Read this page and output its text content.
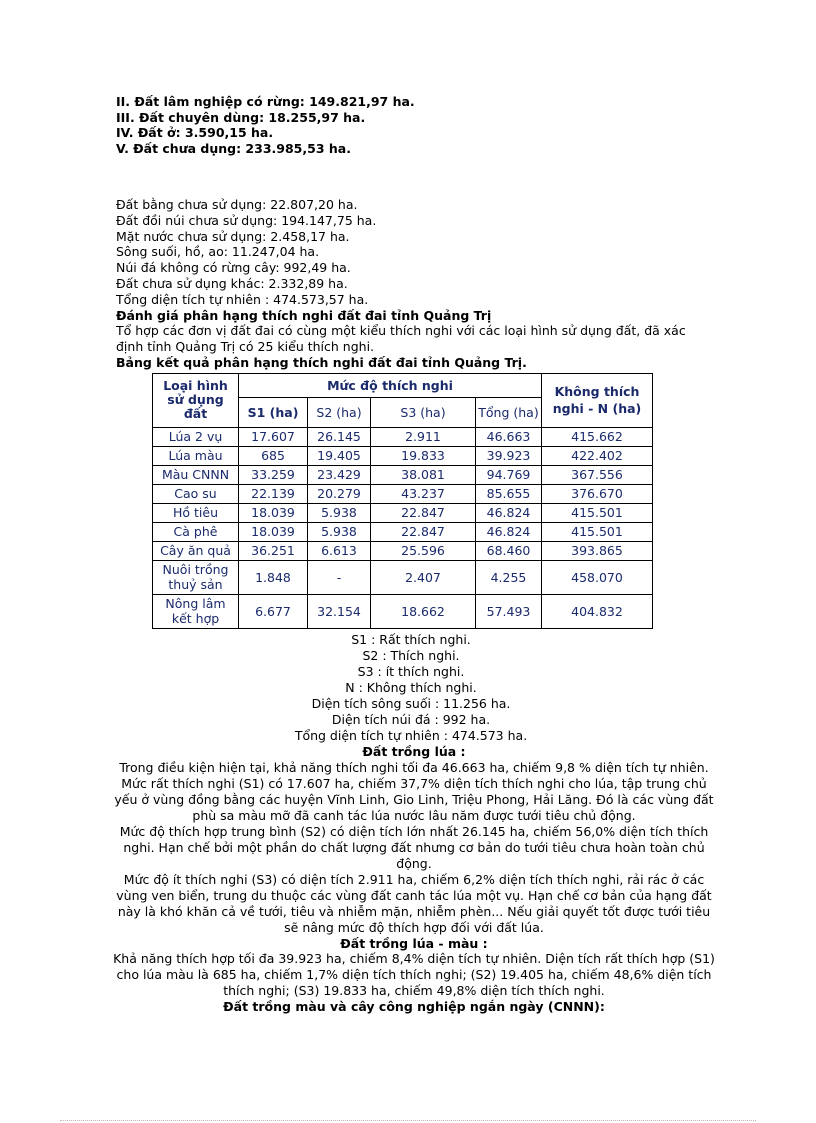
II. Đất lâm nghiệp có rừng: 149.821,97 ha.
III. Đất chuyên dùng: 18.255,97 ha.
IV. Đất ở: 3.590,15 ha.
V. Đất chưa dụng: 233.985,53 ha.
Đất bằng chưa sử dụng: 22.807,20 ha.
Đất đồi núi chưa sử dụng: 194.147,75 ha.
Mặt nước chưa sử dụng: 2.458,17 ha.
Sông suối, hồ, ao: 11.247,04 ha.
Núi đá không có rừng cây: 992,49 ha.
Đất chưa sử dụng khác: 2.332,89 ha.
Tổng diện tích tự nhiên : 474.573,57 ha.
Đánh giá phân hạng thích nghi đất đai tỉnh Quảng Trị
Tổ hợp các đơn vị đất đai có cùng một kiểu thích nghi với các loại hình sử dụng đất, đã xác định tỉnh Quảng Trị có 25 kiểu thích nghi.
Bảng kết quả phân hạng thích nghi đất đai tỉnh Quảng Trị.
Loại hình sử dụng đất	Mức độ thích nghi				Không thích nghi - N (ha)
	S1 (ha)	S2 (ha)	S3 (ha)	Tổng (ha)	
Lúa 2 vụ	17.607	26.145	2.911	46.663	415.662
Lúa màu	685	19.405	19.833	39.923	422.402
Màu CNNN	33.259	23.429	38.081	94.769	367.556
Cao su	22.139	20.279	43.237	85.655	376.670
Hồ tiêu	18.039	5.938	22.847	46.824	415.501
Cà phê	18.039	5.938	22.847	46.824	415.501
Cây ăn quả	36.251	6.613	25.596	68.460	393.865
Nuôi trồng thuỷ sản	1.848	-	2.407	4.255	458.070
Nông lâm kết hợp	6.677	32.154	18.662	57.493	404.832
S1 : Rất thích nghi.
S2 : Thích nghi.
S3 : ít thích nghi.
N : Không thích nghi.
Diện tích sông suối : 11.256 ha.
Diện tích núi đá : 992 ha.
Tổng diện tích tự nhiên : 474.573 ha.
Đất trồng lúa :
Trong điều kiện hiện tại, khả năng thích nghi tối đa 46.663 ha, chiếm 9,8 % diện tích tự nhiên. Mức rất thích nghi (S1) có 17.607 ha, chiếm 37,7% diện tích thích nghi cho lúa, tập trung chủ yếu ở vùng đồng bằng các huyện Vĩnh Linh, Gio Linh, Triệu Phong, Hải Lăng. Đó là các vùng đất phù sa màu mỡ đã canh tác lúa nước lâu năm được tưới tiêu chủ động.
Mức độ thích hợp trung bình (S2) có diện tích lớn nhất 26.145 ha, chiếm 56,0% diện tích thích nghi. Hạn chế bởi một phần do chất lượng đất nhưng cơ bản do tưới tiêu chưa hoàn toàn chủ động.
Mức độ ít thích nghi (S3) có diện tích 2.911 ha, chiếm 6,2% diện tích thích nghi, rải rác ở các vùng ven biển, trung du thuộc các vùng đất canh tác lúa một vụ. Hạn chế cơ bản của hạng đất này là khó khăn cả về tưới, tiêu và nhiễm mặn, nhiễm phèn... Nếu giải quyết tốt được tưới tiêu sẽ nâng mức độ thích hợp đối với đất lúa.
Đất trồng lúa - màu :
Khả năng thích hợp tối đa 39.923 ha, chiếm 8,4% diện tích tự nhiên. Diện tích rất thích hợp (S1) cho lúa màu là 685 ha, chiếm 1,7% diện tích thích nghi; (S2) 19.405 ha, chiếm 48,6% diện tích thích nghi; (S3) 19.833 ha, chiếm 49,8% diện tích thích nghi.
Đất trồng màu và cây công nghiệp ngắn ngày (CNNN):
